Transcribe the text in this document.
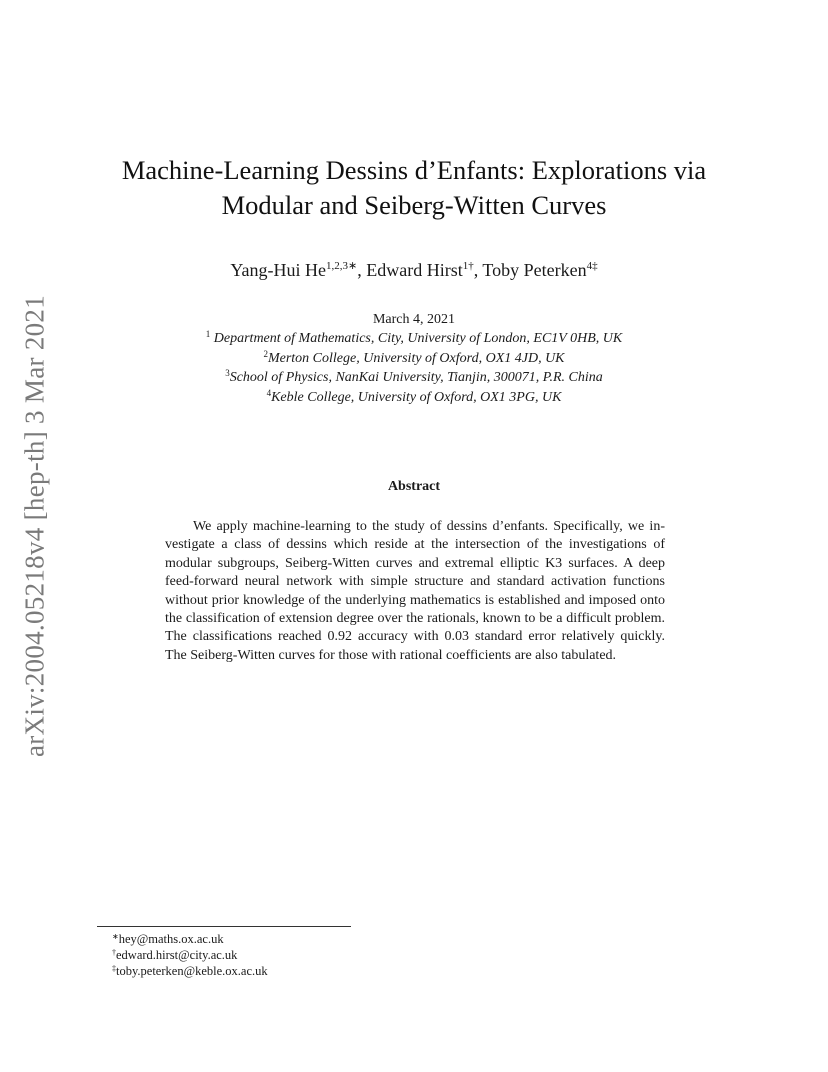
arXiv:2004.05218v4 [hep-th] 3 Mar 2021
Machine-Learning Dessins d’Enfants: Explorations via
Modular and Seiberg-Witten Curves
Yang-Hui $He^{1,2,3∗}$, Edward Hirst$^{1\dagger}$, Toby Peterken$^{4\ddagger}$
March 4, 2021
$^1$ Department of Mathematics, City, University of London, EC1V 0HB, UK
$^2$Merton College, University of Oxford, OX1 4JD, UK
$^3$School of Physics, NanKai University, Tianjin, 300071, P.R. China
$^4$Keble College, University of Oxford, OX1 3PG, UK
Abstract

We apply machine-learning to the study of dessins d’enfants. Specifically, we investigate a class of dessins which reside at the intersection of the investigations of modular subgroups, Seiberg-Witten curves and extremal elliptic K3 surfaces. A deep feed-forward neural network with simple structure and standard activation functions without prior knowledge of the underlying mathematics is established and imposed onto the classification of extension degree over the rationals, known to be a difficult problem. The classifications reached 0.92 accuracy with 0.03 standard error relatively quickly. The Seiberg-Witten curves for those with rational coefficients are also tabulated.

∗hey@maths.ox.ac.uk
†edward.hirst@city.ac.uk
‡toby.peterken@keble.ox.ac.uk
